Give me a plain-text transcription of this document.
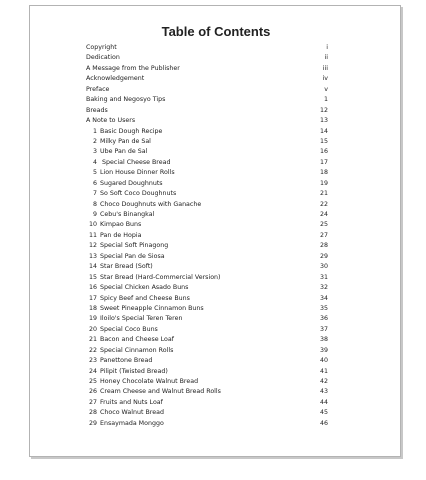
Table of Contents
Copyright	i
Dedication	ii
A Message from the Publisher	iii
Acknowledgement	iv
Preface	v
Baking and Negosyo Tips	1
Breads	12
A Note to Users	13
1 Basic Dough Recipe	14
2 Milky Pan de Sal	15
3 Ube Pan de Sal	16
4 Special Cheese Bread	17
5 Lion House Dinner Rolls	18
6 Sugared Doughnuts	19
7 So Soft Coco Doughnuts	21
8 Choco Doughnuts with Ganache	22
9 Cebu's Binangkal	24
10 Kimpao Buns	25
11 Pan de Hopia	27
12 Special Soft Pinagong	28
13 Special Pan de Siosa	29
14 Star Bread (Soft)	30
15 Star Bread (Hard-Commercial Version)	31
16 Special Chicken Asado Buns	32
17 Spicy Beef and Cheese Buns	34
18 Sweet Pineapple Cinnamon Buns	35
19 Iloilo's Special Teren Teren	36
20 Special Coco Buns	37
21 Bacon and Cheese Loaf	38
22 Special Cinnamon Rolls	39
23 Panettone Bread	40
24 Pilipit (Twisted Bread)	41
25 Honey Chocolate Walnut Bread	42
26 Cream Cheese and Walnut Bread Rolls	43
27 Fruits and Nuts Loaf	44
28 Choco Walnut Bread	45
29 Ensaymada Monggo	46
